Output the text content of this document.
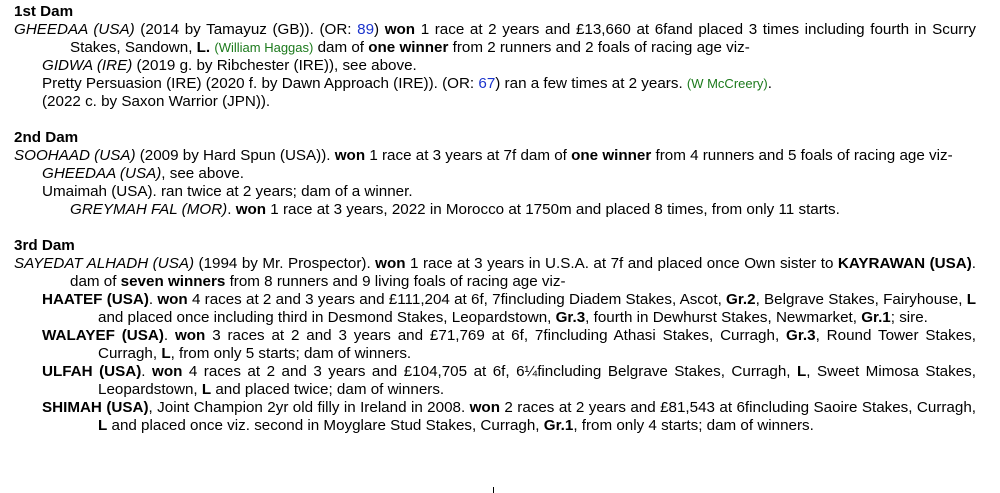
1st Dam
GHEEDAA (USA) (2014 by Tamayuz (GB)). (OR: 89) won 1 race at 2 years and £13,660 at 6fand placed 3 times including fourth in Scurry Stakes, Sandown, L. (William Haggas) dam of one winner from 2 runners and 2 foals of racing age viz-
GIDWA (IRE) (2019 g. by Ribchester (IRE)), see above.
Pretty Persuasion (IRE) (2020 f. by Dawn Approach (IRE)). (OR: 67) ran a few times at 2 years. (W McCreery).
(2022 c. by Saxon Warrior (JPN)).
2nd Dam
SOOHAAD (USA) (2009 by Hard Spun (USA)). won 1 race at 3 years at 7f dam of one winner from 4 runners and 5 foals of racing age viz-
GHEEDAA (USA), see above.
Umaimah (USA). ran twice at 2 years; dam of a winner.
GREYMAH FAL (MOR). won 1 race at 3 years, 2022 in Morocco at 1750m and placed 8 times, from only 11 starts.
3rd Dam
SAYEDAT ALHADH (USA) (1994 by Mr. Prospector). won 1 race at 3 years in U.S.A. at 7f and placed once Own sister to KAYRAWAN (USA). dam of seven winners from 8 runners and 9 living foals of racing age viz-
HAATEF (USA). won 4 races at 2 and 3 years and £111,204 at 6f, 7fincluding Diadem Stakes, Ascot, Gr.2, Belgrave Stakes, Fairyhouse, L and placed once including third in Desmond Stakes, Leopardstown, Gr.3, fourth in Dewhurst Stakes, Newmarket, Gr.1; sire.
WALAYEF (USA). won 3 races at 2 and 3 years and £71,769 at 6f, 7fincluding Athasi Stakes, Curragh, Gr.3, Round Tower Stakes, Curragh, L, from only 5 starts; dam of winners.
ULFAH (USA). won 4 races at 2 and 3 years and £104,705 at 6f, 6¼fincluding Belgrave Stakes, Curragh, L, Sweet Mimosa Stakes, Leopardstown, L and placed twice; dam of winners.
SHIMAH (USA), Joint Champion 2yr old filly in Ireland in 2008. won 2 races at 2 years and £81,543 at 6fincluding Saoire Stakes, Curragh, L and placed once viz. second in Moyglare Stud Stakes, Curragh, Gr.1, from only 4 starts; dam of winners.
